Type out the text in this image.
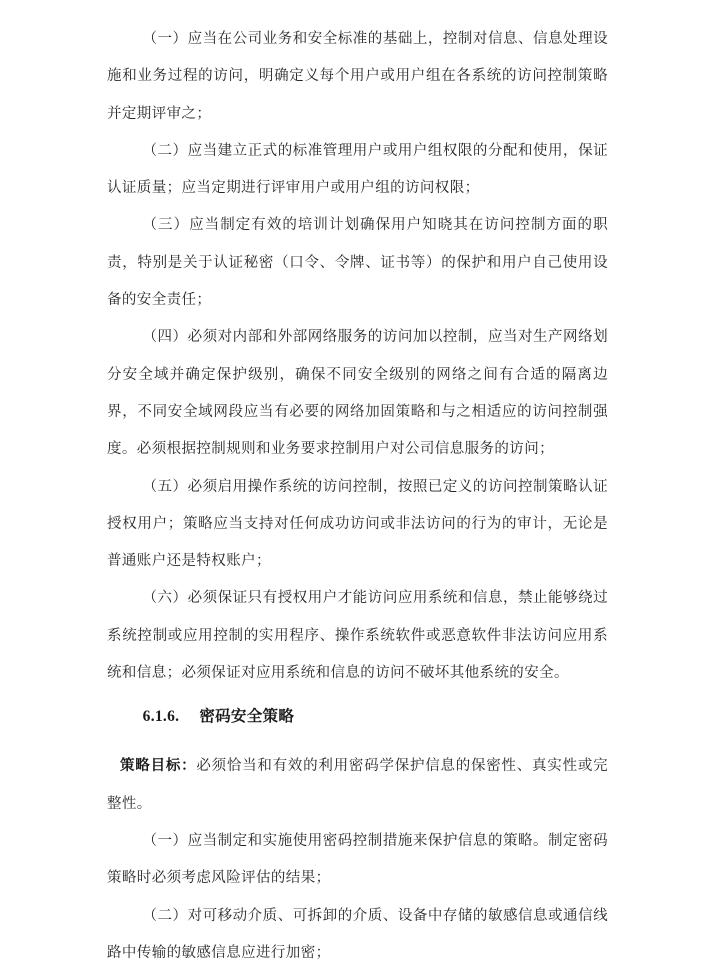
（一）应当在公司业务和安全标准的基础上，控制对信息、信息处理设施和业务过程的访问，明确定义每个用户或用户组在各系统的访问控制策略并定期评审之；

（二）应当建立正式的标准管理用户或用户组权限的分配和使用，保证认证质量；应当定期进行评审用户或用户组的访问权限；

（三）应当制定有效的培训计划确保用户知晓其在访问控制方面的职责，特别是关于认证秘密（口令、令牌、证书等）的保护和用户自己使用设备的安全责任；

（四）必须对内部和外部网络服务的访问加以控制，应当对生产网络划分安全域并确定保护级别，确保不同安全级别的网络之间有合适的隔离边界，不同安全域网段应当有必要的网络加固策略和与之相适应的访问控制强度。必须根据控制规则和业务要求控制用户对公司信息服务的访问；

（五）必须启用操作系统的访问控制，按照已定义的访问控制策略认证授权用户；策略应当支持对任何成功访问或非法访问的行为的审计，无论是普通账户还是特权账户；

（六）必须保证只有授权用户才能访问应用系统和信息，禁止能够绕过系统控制或应用控制的实用程序、操作系统软件或恶意软件非法访问应用系统和信息；必须保证对应用系统和信息的访问不破坏其他系统的安全。

6.1.6. 密码安全策略

策略目标：必须恰当和有效的利用密码学保护信息的保密性、真实性或完整性。

（一）应当制定和实施使用密码控制措施来保护信息的策略。制定密码策略时必须考虑风险评估的结果；

（二）对可移动介质、可拆卸的介质、设备中存储的敏感信息或通信线路中传输的敏感信息应进行加密；
